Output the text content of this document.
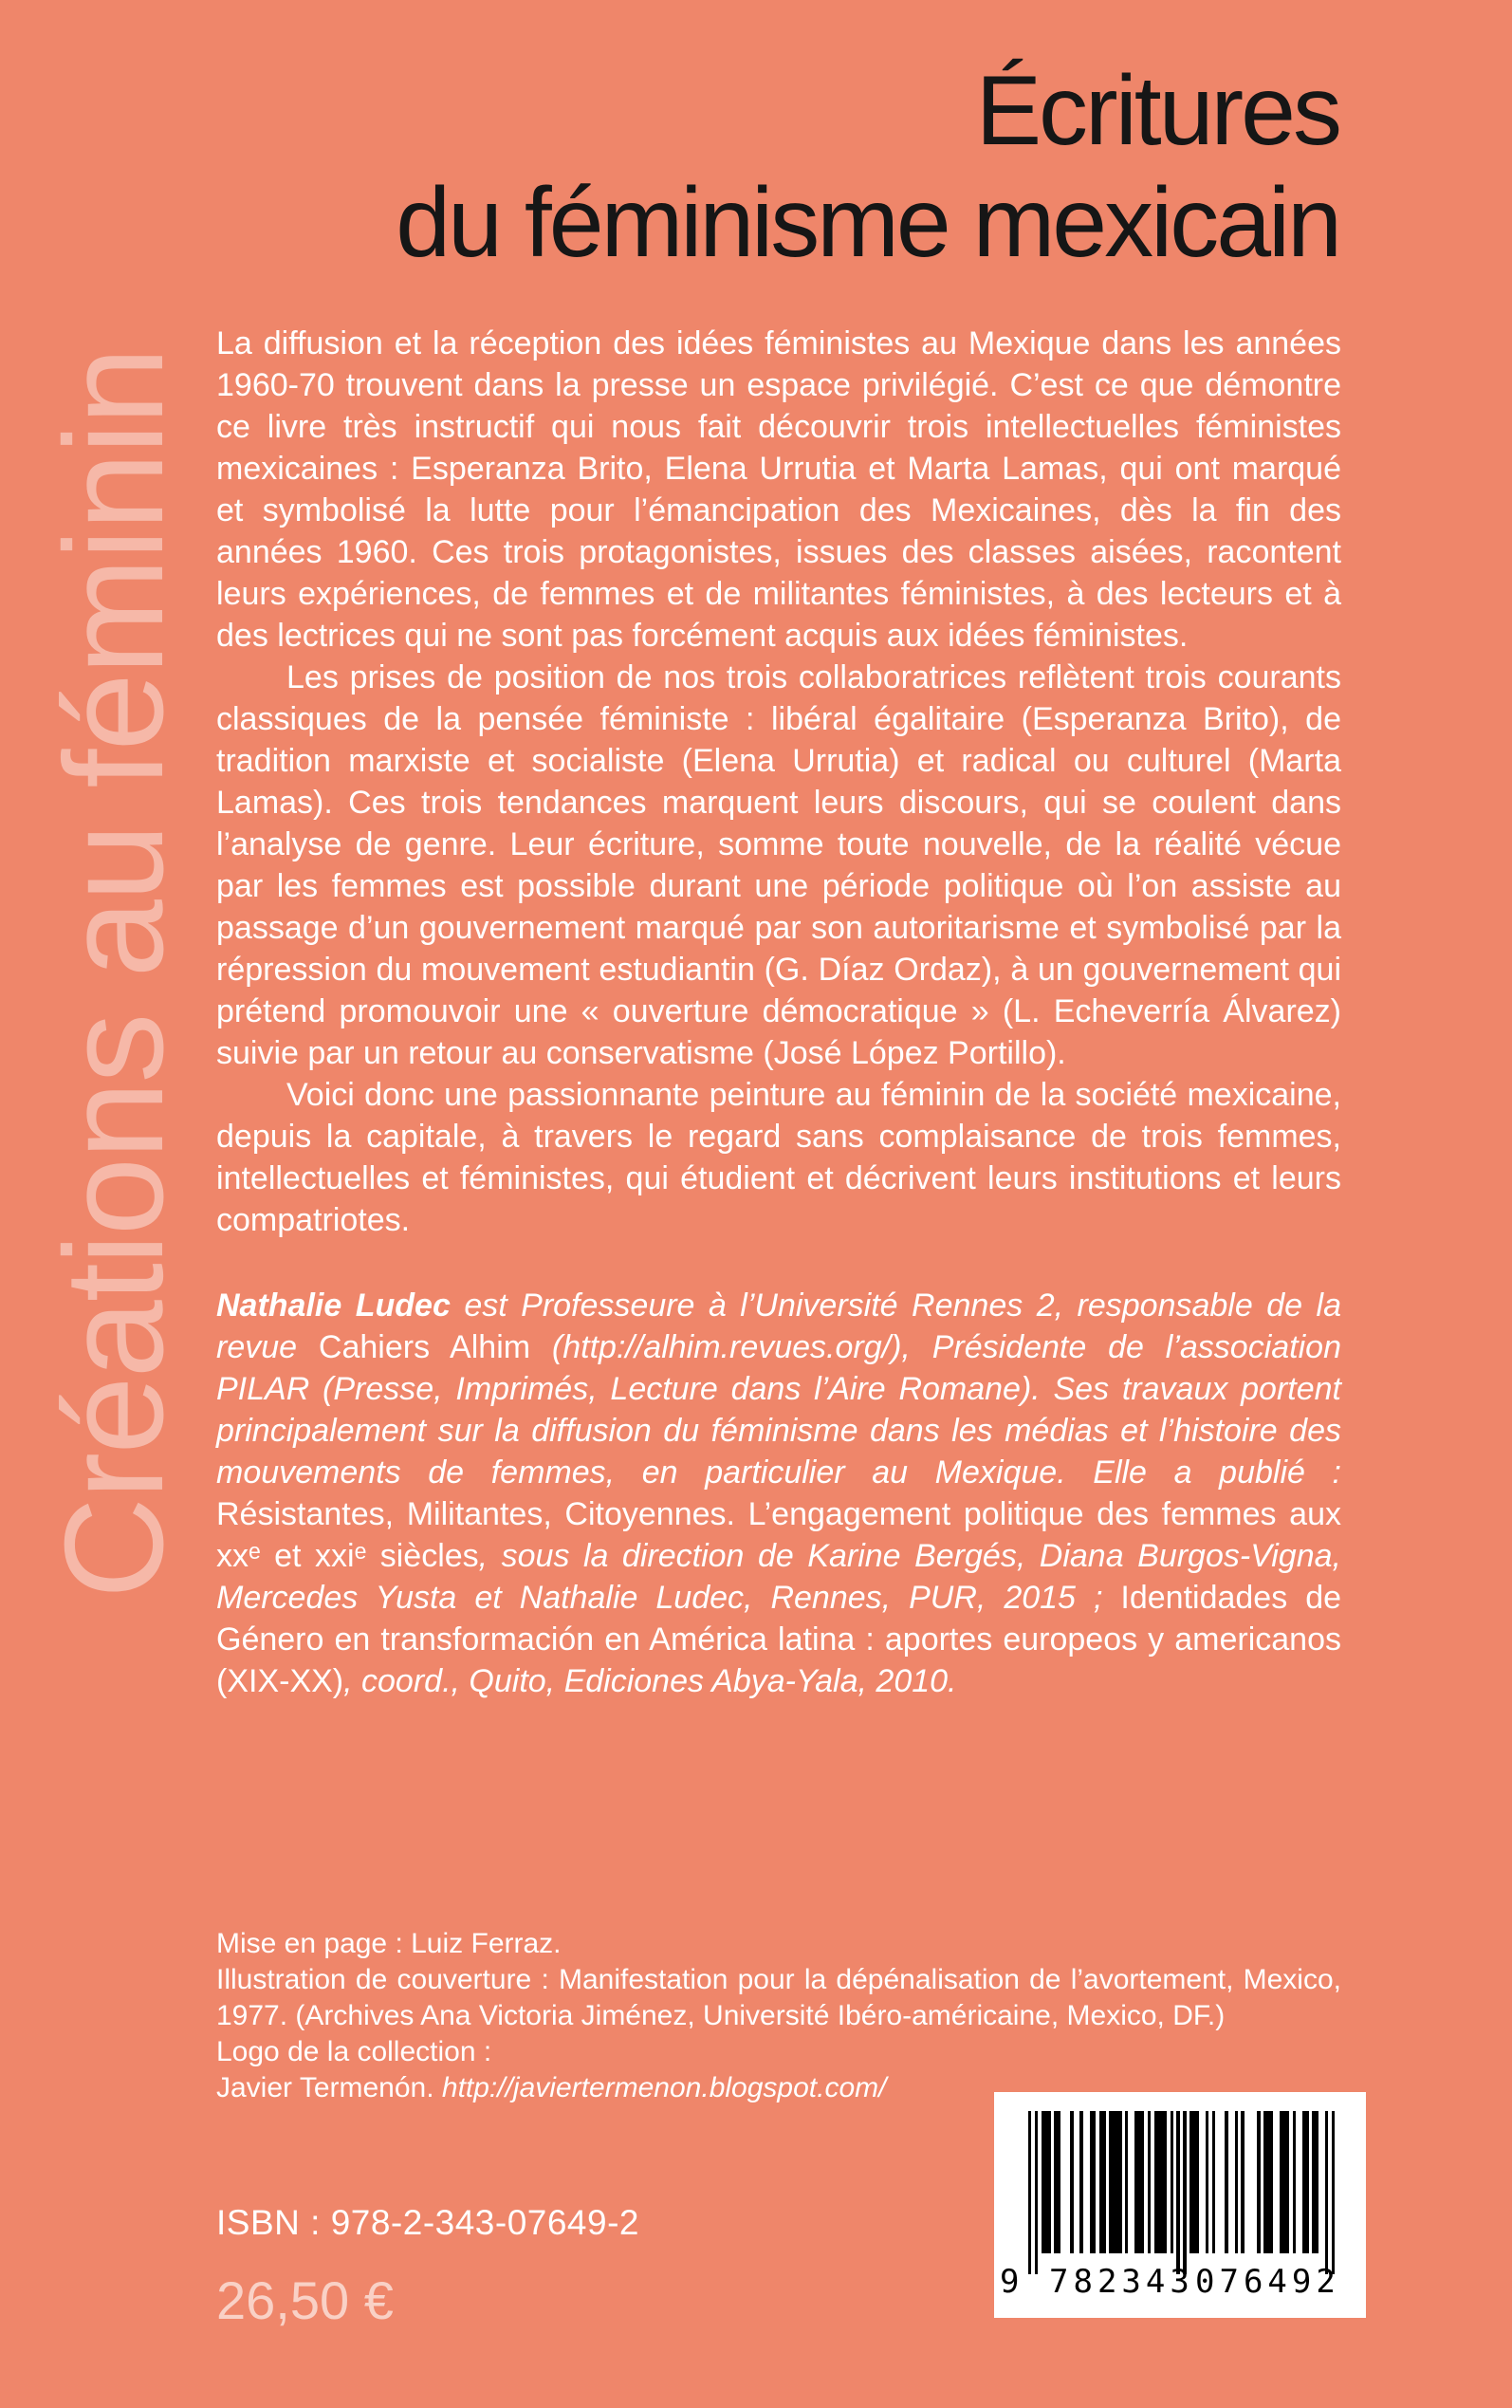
Créations au féminin
Écritures
du féminisme mexicain

La diffusion et la réception des idées féministes au Mexique dans les années 1960-70 trouvent dans la presse un espace privilégié. C’est ce que démontre ce livre très instructif qui nous fait découvrir trois intellectuelles féministes mexicaines : Esperanza Brito, Elena Urrutia et Marta Lamas, qui ont marqué et symbolisé la lutte pour l’émancipation des Mexicaines, dès la fin des années 1960. Ces trois protagonistes, issues des classes aisées, racontent leurs expériences, de femmes et de militantes féministes, à des lecteurs et à des lectrices qui ne sont pas forcément acquis aux idées féministes.

Les prises de position de nos trois collaboratrices reflètent trois courants classiques de la pensée féministe : libéral égalitaire (Esperanza Brito), de tradition marxiste et socialiste (Elena Urrutia) et radical ou culturel (Marta Lamas). Ces trois tendances marquent leurs discours, qui se coulent dans l’analyse de genre. Leur écriture, somme toute nouvelle, de la réalité vécue par les femmes est possible durant une période politique où l’on assiste au passage d’un gouvernement marqué par son autoritarisme et symbolisé par la répression du mouvement estudiantin (G. Díaz Ordaz), à un gouvernement qui prétend promouvoir une « ouverture démocratique » (L. Echeverría Álvarez) suivie par un retour au conservatisme (José López Portillo).

Voici donc une passionnante peinture au féminin de la société mexicaine, depuis la capitale, à travers le regard sans complaisance de trois femmes, intellectuelles et féministes, qui étudient et décrivent leurs institutions et leurs compatriotes.

Nathalie Ludec est Professeure à l’Université Rennes 2, responsable de la revue Cahiers Alhim (http://alhim.revues.org/), Présidente de l’association PILAR (Presse, Imprimés, Lecture dans l’Aire Romane). Ses travaux portent principalement sur la diffusion du féminisme dans les médias et l’histoire des mouvements de femmes, en particulier au Mexique. Elle a publié : Résistantes, Militantes, Citoyennes. L’engagement politique des femmes aux xxᵉ et xxiᵉ siècles, sous la direction de Karine Bergés, Diana Burgos-Vigna, Mercedes Yusta et Nathalie Ludec, Rennes, PUR, 2015 ; Identidades de Género en transformación en América latina : aportes europeos y americanos (XIX-XX), coord., Quito, Ediciones Abya-Yala, 2010.
Mise en page : Luiz Ferraz.
Illustration de couverture : Manifestation pour la dépénalisation de l’avortement, Mexico, 1977. (Archives Ana Victoria Jiménez, Université Ibéro-américaine, Mexico, DF.)
Logo de la collection :
Javier Termenón. http://javiertermenon.blogspot.com/
9 782343 076492
ISBN : 978-2-343-07649-2
26,50 €
